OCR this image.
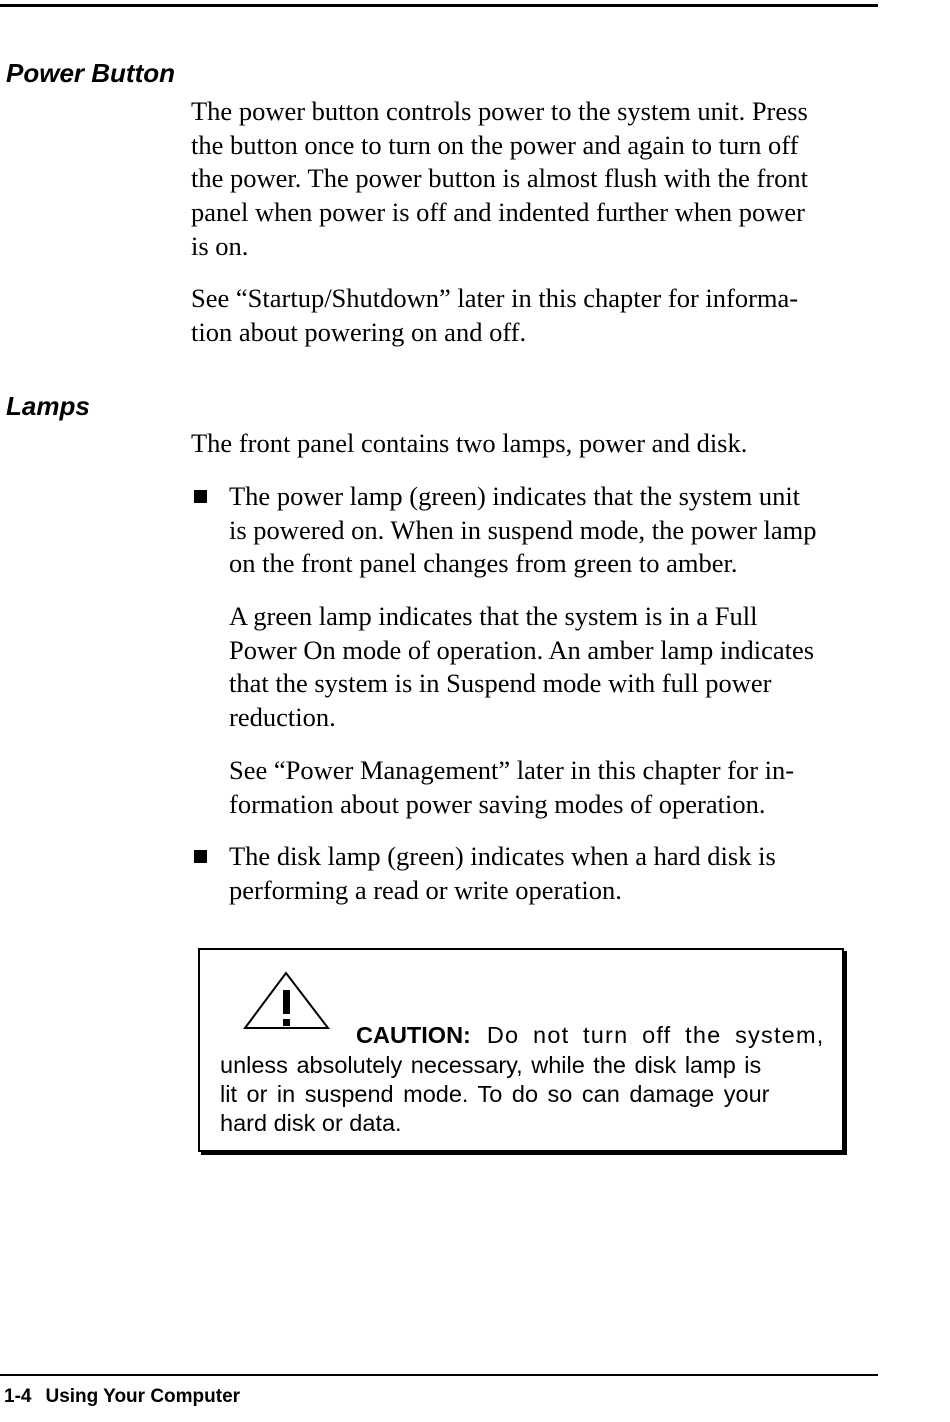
Power Button

The power button controls power to the system unit. Press
the button once to turn on the power and again to turn off
the power. The power button is almost flush with the front
panel when power is off and indented further when power
is on.

See “Startup/Shutdown” later in this chapter for informa-
tion about powering on and off.

Lamps

The front panel contains two lamps, power and disk.

The power lamp (green) indicates that the system unit
is powered on. When in suspend mode, the power lamp
on the front panel changes from green to amber.

A green lamp indicates that the system is in a Full
Power On mode of operation. An amber lamp indicates
that the system is in Suspend mode with full power
reduction.

See “Power Management” later in this chapter for in-
formation about power saving modes of operation.

The disk lamp (green) indicates when a hard disk is
performing a read or write operation.

CAUTION: Do not turn off the system,

unless absolutely necessary, while the disk lamp is

lit or in suspend mode. To do so can damage your

hard disk or data.

1-4 Using Your Computer
